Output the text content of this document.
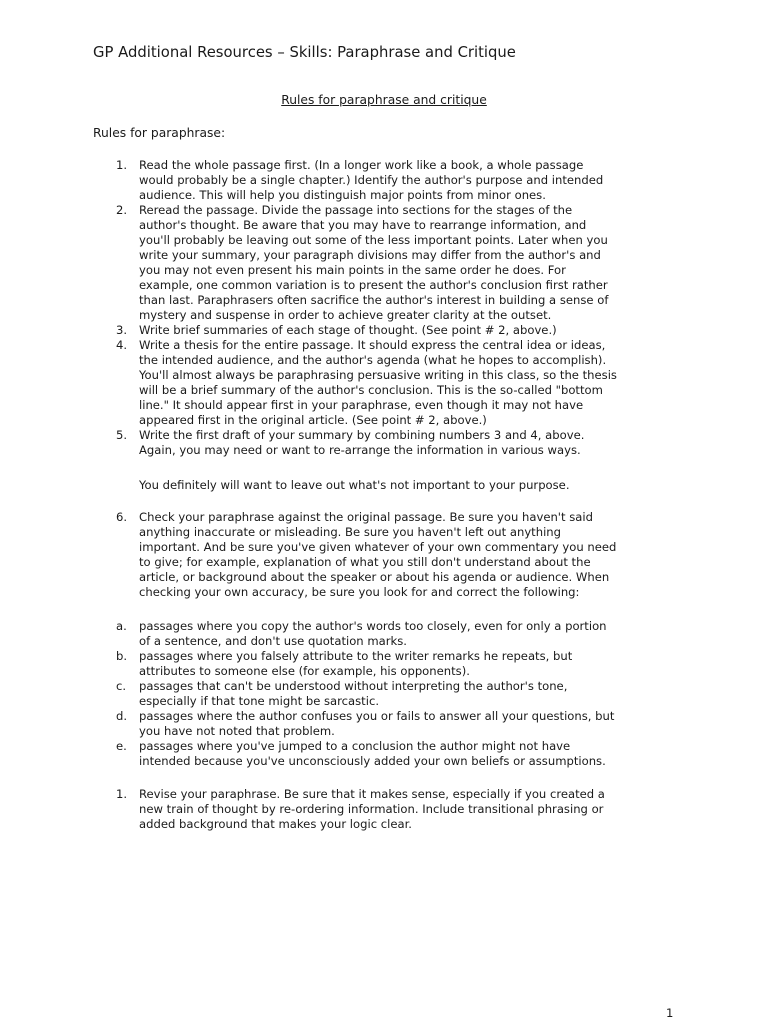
GP Additional Resources – Skills: Paraphrase and Critique
Rules for paraphrase and critique
Rules for paraphrase:
1. Read the whole passage first. (In a longer work like a book, a whole passage
would probably be a single chapter.) Identify the author's purpose and intended
audience. This will help you distinguish major points from minor ones.
2. Reread the passage. Divide the passage into sections for the stages of the
author's thought. Be aware that you may have to rearrange information, and
you'll probably be leaving out some of the less important points. Later when you
write your summary, your paragraph divisions may differ from the author's and
you may not even present his main points in the same order he does. For
example, one common variation is to present the author's conclusion first rather
than last. Paraphrasers often sacrifice the author's interest in building a sense of
mystery and suspense in order to achieve greater clarity at the outset.
3. Write brief summaries of each stage of thought. (See point # 2, above.)
4. Write a thesis for the entire passage. It should express the central idea or ideas,
the intended audience, and the author's agenda (what he hopes to accomplish).
You'll almost always be paraphrasing persuasive writing in this class, so the thesis
will be a brief summary of the author's conclusion. This is the so-called "bottom
line." It should appear first in your paraphrase, even though it may not have
appeared first in the original article. (See point # 2, above.)
5. Write the first draft of your summary by combining numbers 3 and 4, above.
Again, you may need or want to re-arrange the information in various ways.
You definitely will want to leave out what's not important to your purpose.
6. Check your paraphrase against the original passage. Be sure you haven't said
anything inaccurate or misleading. Be sure you haven't left out anything
important. And be sure you've given whatever of your own commentary you need
to give; for example, explanation of what you still don't understand about the
article, or background about the speaker or about his agenda or audience. When
checking your own accuracy, be sure you look for and correct the following:
a. passages where you copy the author's words too closely, even for only a portion
of a sentence, and don't use quotation marks.
b. passages where you falsely attribute to the writer remarks he repeats, but
attributes to someone else (for example, his opponents).
c. passages that can't be understood without interpreting the author's tone,
especially if that tone might be sarcastic.
d. passages where the author confuses you or fails to answer all your questions, but
you have not noted that problem.
e. passages where you've jumped to a conclusion the author might not have
intended because you've unconsciously added your own beliefs or assumptions.
1. Revise your paraphrase. Be sure that it makes sense, especially if you created a
new train of thought by re-ordering information. Include transitional phrasing or
added background that makes your logic clear.
1
